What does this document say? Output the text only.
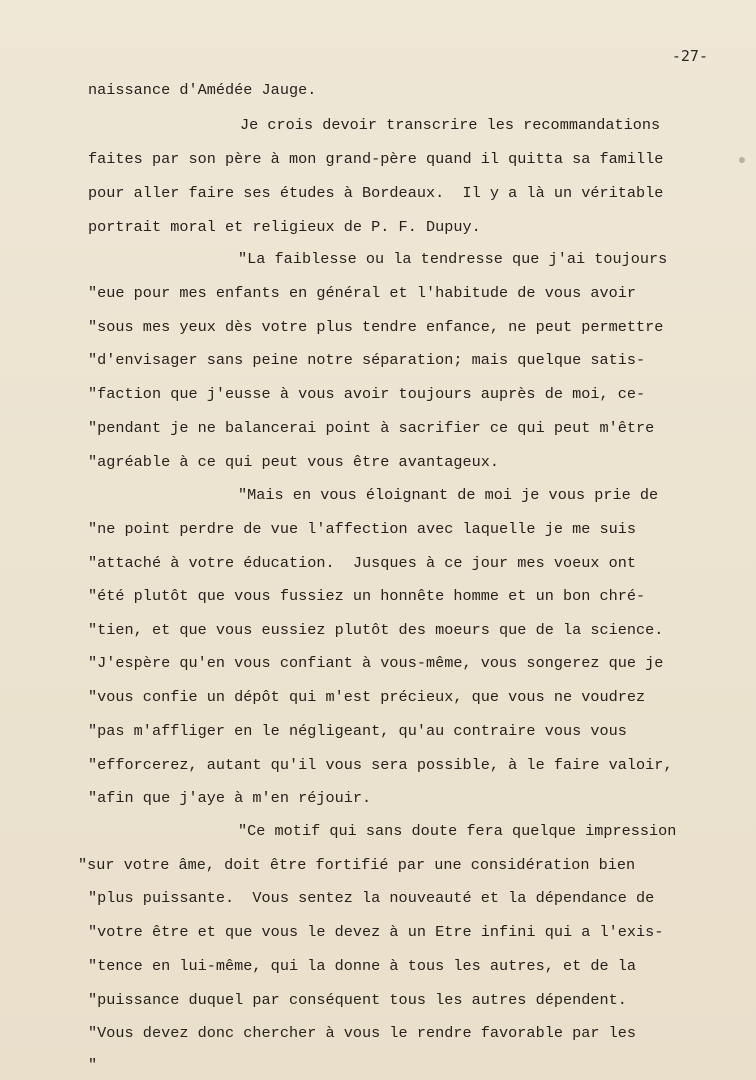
-27-
naissance d'Amédée Jauge.
Je crois devoir transcrire les recommandations
faites par son père à mon grand-père quand il quitta sa famille
pour aller faire ses études à Bordeaux.  Il y a là un véritable
portrait moral et religieux de P. F. Dupuy.
"La faiblesse ou la tendresse que j'ai toujours
"eue pour mes enfants en général et l'habitude de vous avoir
"sous mes yeux dès votre plus tendre enfance, ne peut permettre
"d'envisager sans peine notre séparation; mais quelque satis-
"faction que j'eusse à vous avoir toujours auprès de moi, ce-
"pendant je ne balancerai point à sacrifier ce qui peut m'être
"agréable à ce qui peut vous être avantageux.
"Mais en vous éloignant de moi je vous prie de
"ne point perdre de vue l'affection avec laquelle je me suis
"attaché à votre éducation.  Jusques à ce jour mes voeux ont
"été plutôt que vous fussiez un honnête homme et un bon chré-
"tien, et que vous eussiez plutôt des moeurs que de la science.
"J'espère qu'en vous confiant à vous-même, vous songerez que je
"vous confie un dépôt qui m'est précieux, que vous ne voudrez
"pas m'affliger en le négligeant, qu'au contraire vous vous
"efforcerez, autant qu'il vous sera possible, à le faire valoir,
"afin que j'aye à m'en réjouir.
"Ce motif qui sans doute fera quelque impression
"sur votre âme, doit être fortifié par une considération bien
"plus puissante.  Vous sentez la nouveauté et la dépendance de
"votre être et que vous le devez à un Etre infini qui a l'exis-
"tence en lui-même, qui la donne à tous les autres, et de la
"puissance duquel par conséquent tous les autres dépendent.
"Vous devez donc chercher à vous le rendre favorable par les
"
